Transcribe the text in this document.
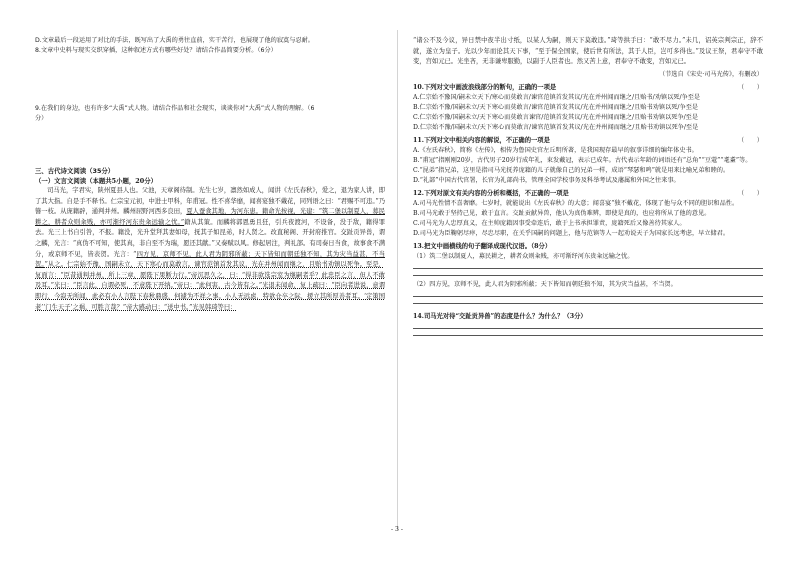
D.文章最后一段运用了对比的手法，既写出了大禹的勇往直前，实干苦行，也展现了他的寂寞与忍耐。

8.文章中史料与现实交织穿插，这种叙述方式有哪些好处？请结合作品简要分析。（6分）

9.在我们的身边，也有许多“大禹”式人物。请结合作品和社会现实，谈谈你对“大禹”式人物的理解。（6

分）

三、古代诗文阅读（35分）

（一）文言文阅读（本题共5小题，20分）

司马光，字君实，陕州夏县人也。父池，天章阁待制。光生七岁，凛然如成人，闻讲《左氏春秋》，爱之，退为家人讲，即了其大指。自是手不释书。仁宗宝元初，中进士甲科，年甫冠。性不喜华靡，闻喜宴独不戴花，同列语之曰：“君赐不可违。”乃簪一枝。从庞籍辟，通判并州。麟州屈野河西多良田，夏人蚕食其地，为河东患。籍命光按视，光建：“筑二堡以制夏人，募民耕之，耕者众则籴贱，亦可渐纾河东贵籴远输之忧。”籍从其策。而麟将郭恩勇且狂，引兵夜渡河，不设备，没于敌，籍得罪去。光三上书自引咎，不报。籍没，光升堂拜其妻如母，抚其子如昆弟，时人贤之。改直秘阁、开封府推官。交趾贡异兽，谓之麟，光言：“真伪不可知，使其真，非自至不为瑞，愿还其献。”又奏赋以风。修起居注，判礼部。有司奏日当食，故事食不满分，或京师不见，皆表贺。光言：“四方见，京师不见，此人君为阴邪所蔽；天下皆知而朝廷独不知，其为灾当益甚，不当贺。”从之。仁宗始不豫，国嗣未立，天下寒心而莫敢言。谏官范镇首发其议，光在并州闻而继之，且贻书劝镇以死争。至是，复面言：“臣昔通判并州，所上三章，愿陛下果断力行。”帝沉思久之，曰：“得非欲选宗室为继嗣者乎？此忠臣之言，但人不敢及耳。”光曰：“臣言此，自谓必死，不意陛下开纳。”帝曰：“此何害，古今皆有之。”光退未闻命，复上疏曰：“臣向者进说，意谓即行，今寂无所闻，此必有小人言陛下春秋鼎盛，何遽为不祥之事。小人无远虑，特欲仓卒之际，援立其所厚善者耳。‘定策国老’‘门生天子’之祸，可胜言哉？”帝大感动曰：“送中书。”光见韩琦等曰：

“诸公不及今议，异日禁中夜半出寸纸，以某人为嗣，则天下莫敢违。”琦等拱手曰：“敢不尽力。”未几，诏英宗判宗正，辞不就，遂立为皇子。光以少年而论其天下事，“至于保全国家，使后世有所法，其于人臣，岂可多得也。”及议王祭，君奉守不敢变，宫如元已。光坐吝，无非谦卑服勤，以副于人臣者也。然又苦上意，君奉守不敢变，宫如元已。

（节选自《宋史·司马光传》，有删改）

10.下列对文中画波浪线部分的断句，正确的一项是	（　　）

A.仁宗始不豫国/嗣未立天下/寒心而莫敢言/谏官范镇首发其议/光在并州闻而继之/且贻书/劝镇以死/争至是

B.仁宗始不豫/国嗣未立/天下寒心而莫敢言/谏官范镇首发其议/光在并州闻而继之/且贻书劝镇以死/争至是

C.仁宗始不豫/国嗣未立/天下寒心而莫敢言谏官/范镇首发其议/光在并州闻而继之/且贻书劝镇以死争/至是

D.仁宗始不豫/国嗣未立/天下寒心而莫敢言/谏官范镇首发其议/光在并州闻而继之/且贻书劝镇以死争/至是

11.下列对文中相关内容的解说，不正确的一项是	（　　）

A.《左氏春秋》，简称《左传》，相传为鲁国史官左丘明所著，是我国现存最早的叙事详细的编年体史书。

B.“甫冠”指刚刚20岁，古代男子20岁行成年礼，束发戴冠，表示已成年。古代表示年龄的词语还有“总角”“豆蔻”“耄耋”等。

C.“昆弟”指兄弟，这里是指司马光抚养庞籍的儿子就像自己的兄弟一样，成语“琴瑟和鸣”就是用来比喻兄弟和睦的。

D.“礼部”中国古代官署，长官为礼部尚书，管理全国学校事务及科举考试及藩属和外国之往来事。

12.下列对原文有关内容的分析和概括，不正确的一项是	（　　）

A.司马光性情不喜奢靡。七岁时，就能说出《左氏春秋》的大意；闻喜宴“独不戴花，体现了他与众不同的胆识和品性。

B.司马光敢于坚持己见，敢于直言。交趾贡献异兽，他认为真伪难辨，即使是真的，也应将所从了他的意见。

C.司马光为人忠厚真义，在主帅庞籍因事受牵连后，敢于上书承担罪责，庞籍死后又像善待其家人。

D.司马光为臣鞠躬尽瘁，尽忠尽职，在关乎国嗣的问题上，他与范镇等人一起劝说天子为国家长远考虑，早立储君。

13.把文中画横线的句子翻译成现代汉语。（8分）

（1）筑二堡以制夏人，募民耕之，耕者众则籴贱，亦可渐纾河东贵籴远输之忧。

（2）四方见，京师不见，此人君为阴邪所蔽；天下皆知而朝廷独不知，其为灾当益甚，不当贺。

14.司马光对待“交趾贡异兽”的态度是什么？为什么？（3分）
- 3 -
